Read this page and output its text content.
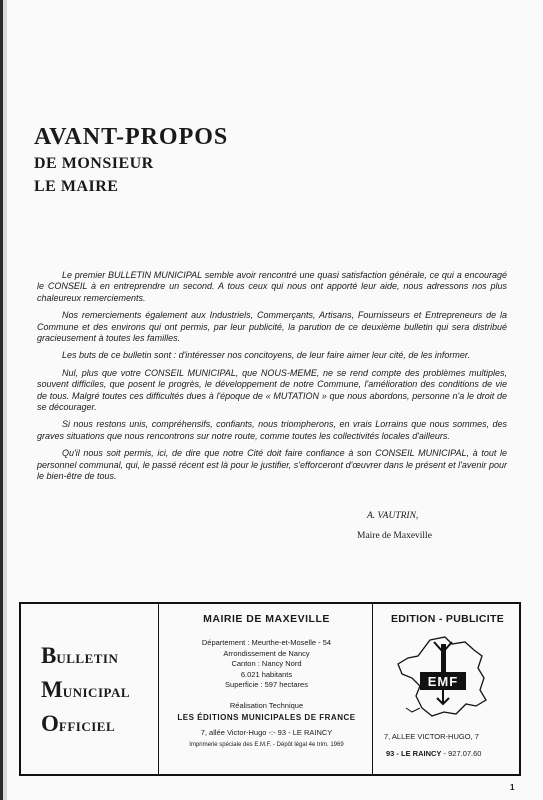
AVANT-PROPOS
DE MONSIEUR
LE MAIRE

Le premier BULLETIN MUNICIPAL semble avoir rencontré une quasi satisfaction générale, ce qui a encouragé le CONSEIL à en entreprendre un second. A tous ceux qui nous ont apporté leur aide, nous adressons nos plus chaleureux remerciements.

Nos remerciements également aux Industriels, Commerçants, Artisans, Fournisseurs et Entrepreneurs de la Commune et des environs qui ont permis, par leur publicité, la parution de ce deuxième bulletin qui sera distribué gracieusement à toutes les familles.

Les buts de ce bulletin sont : d'intéresser nos concitoyens, de leur faire aimer leur cité, de les informer.

Nul, plus que votre CONSEIL MUNICIPAL, que NOUS-MEME, ne se rend compte des problèmes multiples, souvent difficiles, que posent le progrès, le développement de notre Commune, l'amélioration des conditions de vie de tous. Malgré toutes ces difficultés dues à l'époque de « MUTATION » que nous abordons, personne n'a le droit de se décourager.

Si nous restons unis, compréhensifs, confiants, nous triompherons, en vrais Lorrains que nous sommes, des graves situations que nous rencontrons sur notre route, comme toutes les collectivités locales d'ailleurs.

Qu'il nous soit permis, ici, de dire que notre Cité doit faire confiance à son CONSEIL MUNICIPAL, à tout le personnel communal, qui, le passé récent est là pour le justifier, s'efforceront d'œuvrer dans le présent et l'avenir pour le bien-être de tous.

A. VAUTRIN,
Maire de Maxeville
BULLETIN
MUNICIPAL
OFFICIEL
MAIRIE DE MAXEVILLE
Département : Meurthe-et-Moselle - 54
Arrondissement de Nancy
Canton : Nancy Nord
6.021 habitants
Superficie : 597 hectares
Réalisation Technique
LES ÉDITIONS MUNICIPALES DE FRANCE
7, allée Victor-Hugo -:- 93 - LE RAINCY
Imprimerie spéciale des E.M.F. - Dépôt légal 4e trim. 1969
EDITION - PUBLICITE
EMF
7, ALLEE VICTOR-HUGO, 7
93 - LE RAINCY - 927.07.60
1
